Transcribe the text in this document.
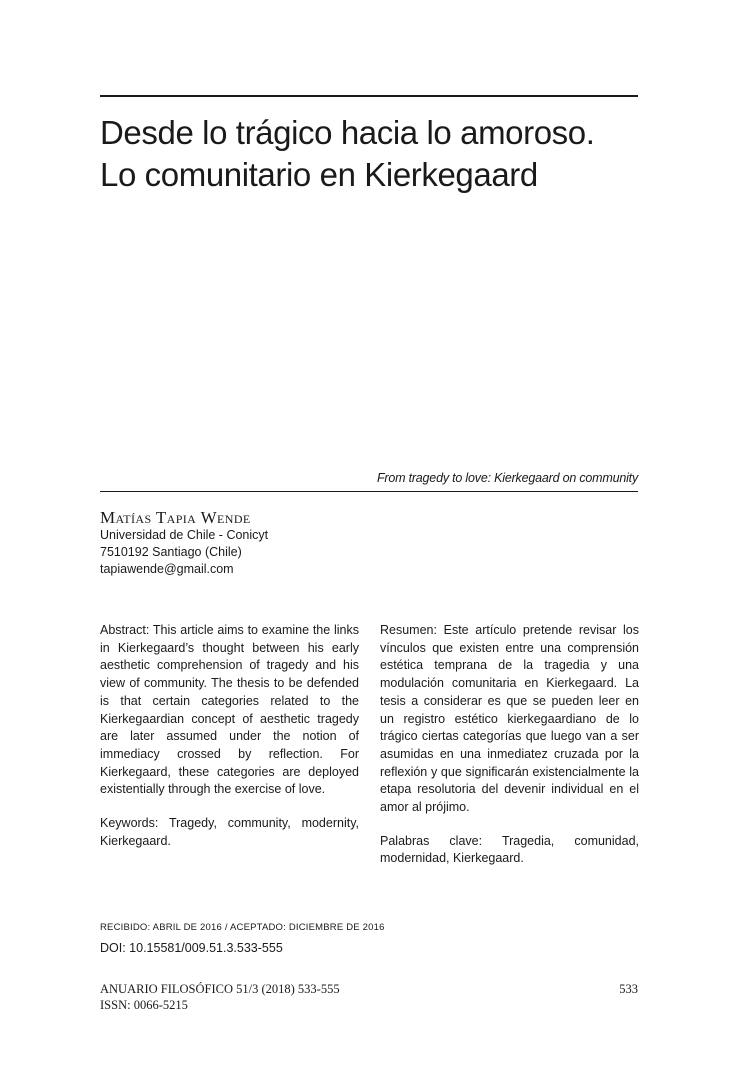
Desde lo trágico hacia lo amoroso.
Lo comunitario en Kierkegaard
From tragedy to love: Kierkegaard on community
Matías Tapia Wende
Universidad de Chile - Conicyt
7510192 Santiago (Chile)
tapiawende@gmail.com

Abstract: This article aims to examine the links in Kierkegaard’s thought between his early aesthetic comprehension of tragedy and his view of community. The thesis to be defended is that certain categories related to the Kierkegaardian concept of aesthetic tragedy are later assumed under the notion of immediacy crossed by reflection. For Kierkegaard, these categories are deployed existentially through the exercise of love.

Keywords: Tragedy, community, modernity, Kierkegaard.

Resumen: Este artículo pretende revisar los vínculos que existen entre una comprensión estética temprana de la tragedia y una modulación comunitaria en Kierkegaard. La tesis a considerar es que se pueden leer en un registro estético kierkegaardiano de lo trágico ciertas categorías que luego van a ser asumidas en una inmediatez cruzada por la reflexión y que significarán existencialmente la etapa resolutoria del devenir individual en el amor al prójimo.

Palabras clave: Tragedia, comunidad, modernidad, Kierkegaard.

RECIBIDO: ABRIL DE 2016 / ACEPTADO: DICIEMBRE DE 2016
DOI: 10.15581/009.51.3.533-555
ANUARIO FILOSÓFICO 51/3 (2018) 533-555
ISSN: 0066-5215
533
